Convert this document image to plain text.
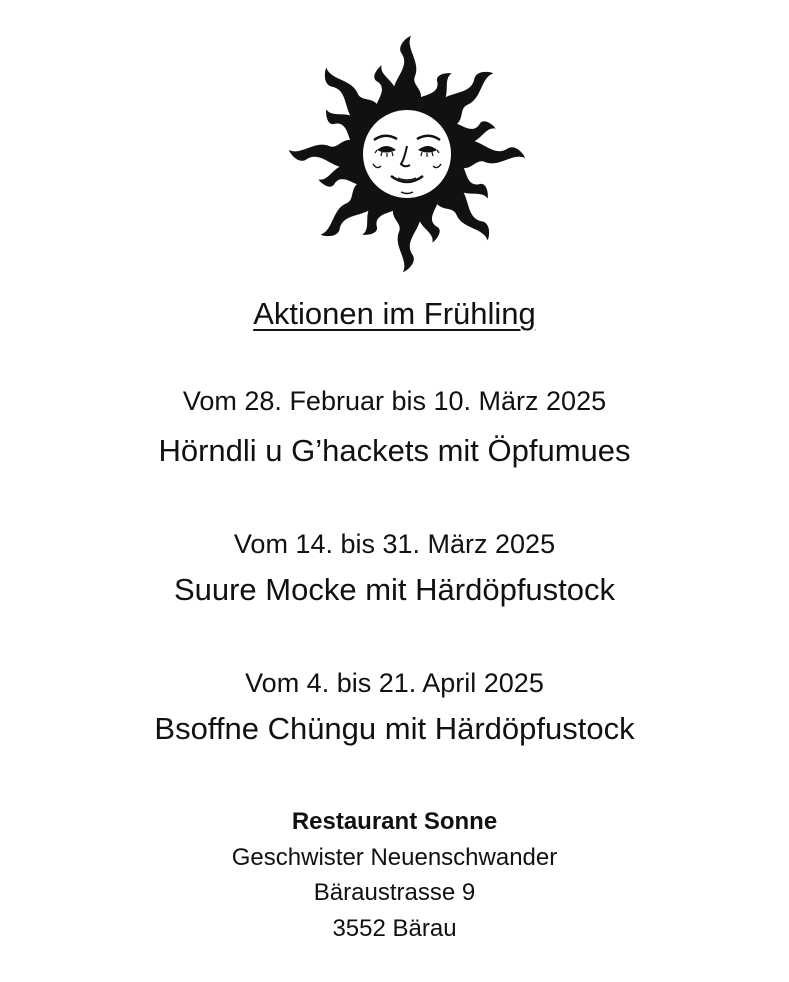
Aktionen im Frühling
Vom 28. Februar bis 10. März 2025
Hörndli u G’hackets mit Öpfumues
Vom 14. bis 31. März 2025
Suure Mocke mit Härdöpfustock
Vom 4. bis 21. April 2025
Bsoffne Chüngu mit Härdöpfustock
Restaurant Sonne
Geschwister Neuenschwander
Bäraustrasse 9
3552 Bärau
